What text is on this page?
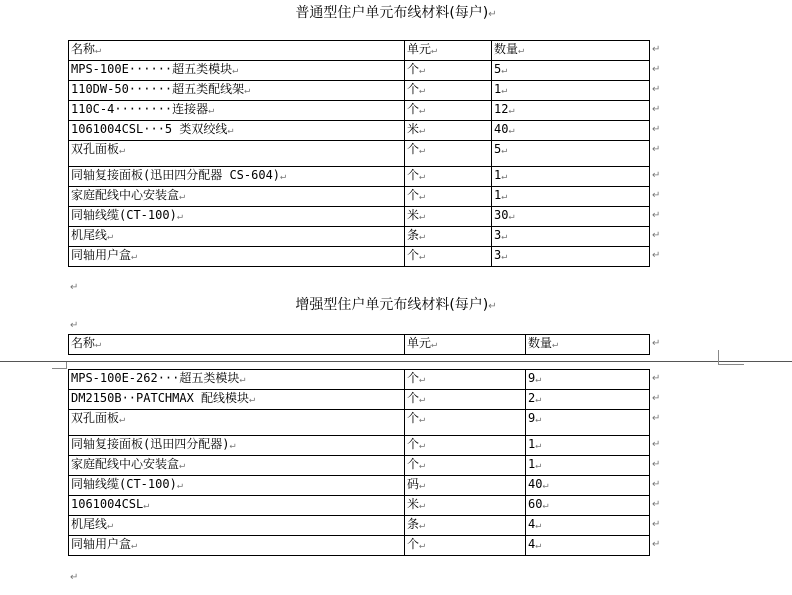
普通型住户单元布线材料(每户)↵
名称↵	单元↵	数量↵
MPS-100E······超五类模块↵	个↵	5↵
110DW-50······超五类配线架↵	个↵	1↵
110C-4········连接器↵	个↵	12↵
1061004CSL···5 类双绞线↵	米↵	40↵
双孔面板↵	个↵	5↵
同轴复接面板(迅田四分配器 CS-604)↵	个↵	1↵
家庭配线中心安装盒↵	个↵	1↵
同轴线缆(CT-100)↵	米↵	30↵
机尾线↵	条↵	3↵
同轴用户盒↵	个↵	3↵
↵
增强型住户单元布线材料(每户)↵
↵
名称↵	单元↵	数量↵
MPS-100E-262···超五类模块↵	个↵	9↵
DM2150B··PATCHMAX 配线模块↵	个↵	2↵
双孔面板↵	个↵	9↵
同轴复接面板(迅田四分配器)↵	个↵	1↵
家庭配线中心安装盒↵	个↵	1↵
同轴线缆(CT-100)↵	码↵	40↵
1061004CSL↵	米↵	60↵
机尾线↵	条↵	4↵
同轴用户盒↵	个↵	4↵
↵
↵
↵
↵
↵
↵
↵
↵
↵
↵
↵
↵
↵
↵
↵
↵
↵
↵
↵
↵
↵
↵
